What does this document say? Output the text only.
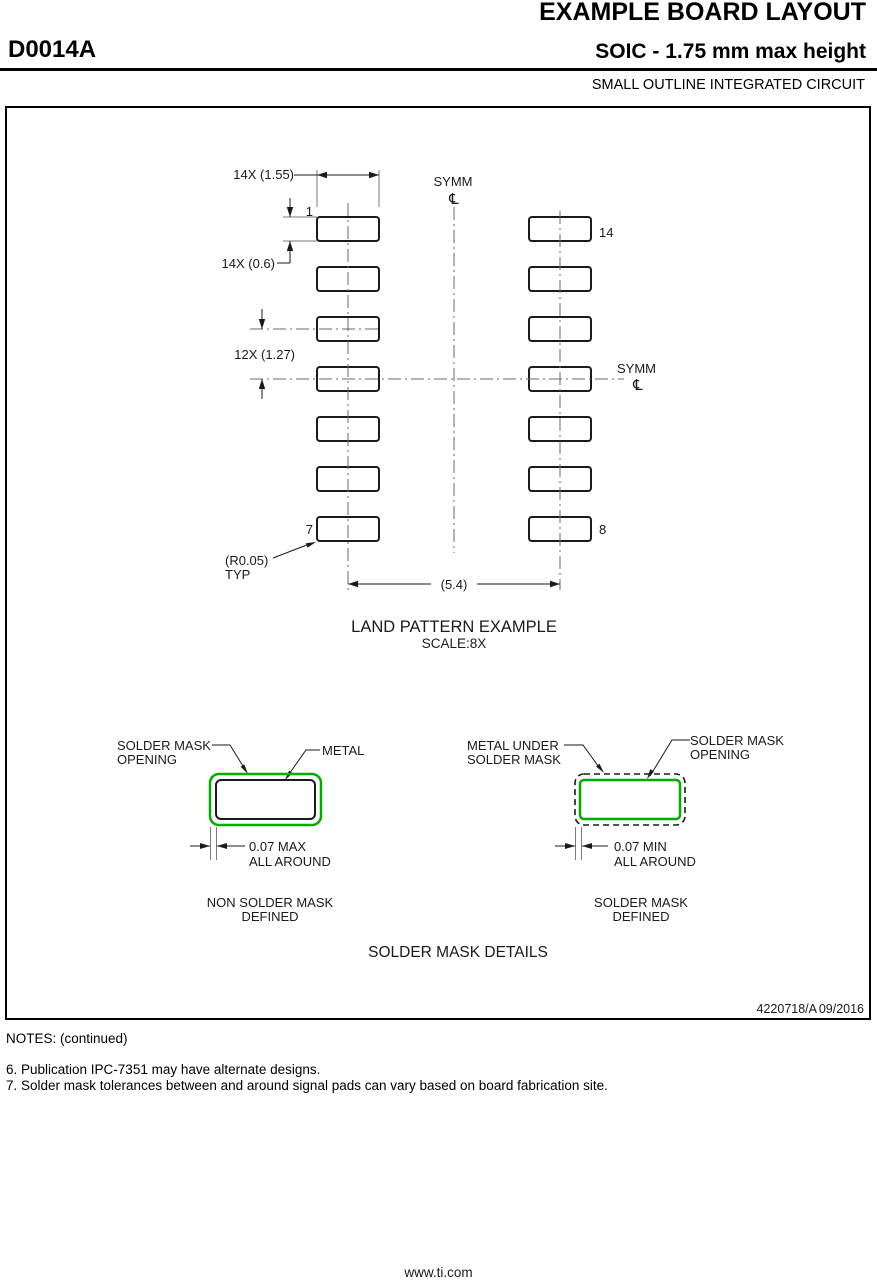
EXAMPLE BOARD LAYOUT
D0014A	SOIC - 1.75 mm max height
SMALL OUTLINE INTEGRATED CIRCUIT
14X (1.55)
1
14X (0.6)
12X (1.27)
SYMM
℄
SYMM
℄
14
7	8
(5.4)
(R0.05)
TYP
LAND PATTERN EXAMPLE
SCALE:8X
SOLDER MASK
OPENING
METAL
0.07 MAX
ALL AROUND
NON SOLDER MASK
DEFINED
METAL UNDER
SOLDER MASK
SOLDER MASK
OPENING
0.07 MIN
ALL AROUND
SOLDER MASK
DEFINED
SOLDER MASK DETAILS
4220718/A 09/2016
NOTES: (continued)
6. Publication IPC-7351 may have alternate designs.
7. Solder mask tolerances between and around signal pads can vary based on board fabrication site.
www.ti.com
